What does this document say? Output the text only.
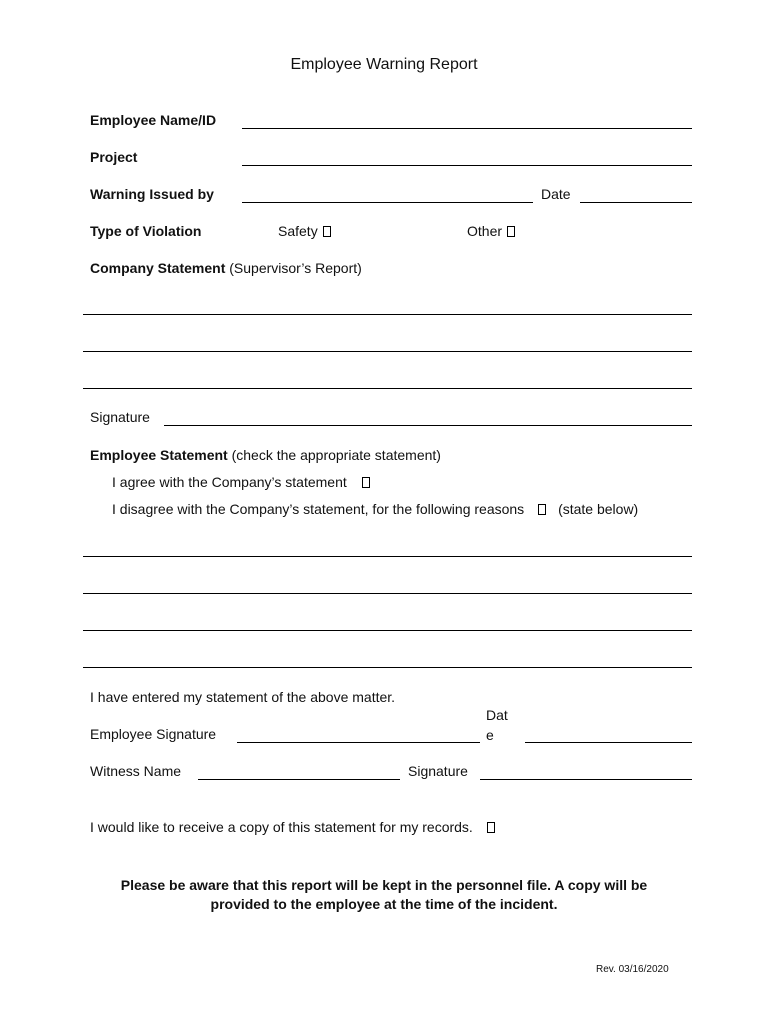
Employee Warning Report
Employee Name/ID
Project
Warning Issued by	Date
Type of Violation	Safety	Other
Company Statement (Supervisor’s Report)
Signature
Employee Statement (check the appropriate statement)
I agree with the Company’s statement
I disagree with the Company’s statement, for the following reasons (state below)
I have entered my statement of the above matter.
Employee Signature
Dat
e
Witness Name	Signature
I would like to receive a copy of this statement for my records.
Please be aware that this report will be kept in the personnel file. A copy will be provided to the employee at the time of the incident.
Rev. 03/16/2020
